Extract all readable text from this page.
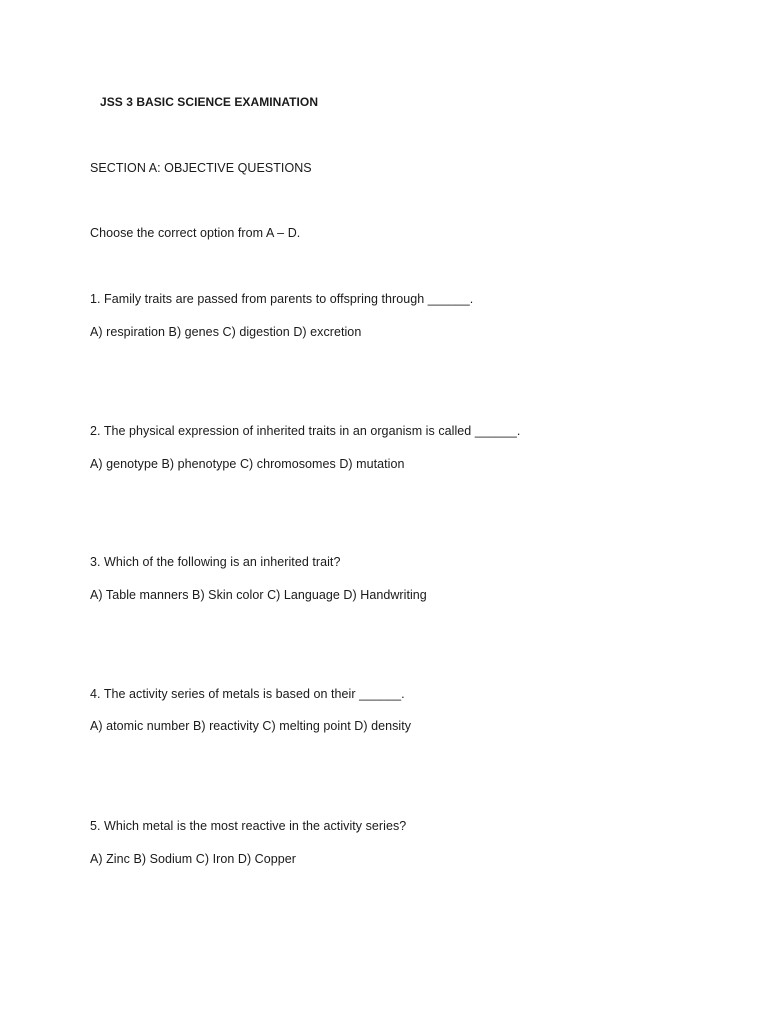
JSS 3 BASIC SCIENCE EXAMINATION
SECTION A: OBJECTIVE QUESTIONS
Choose the correct option from A – D.
1. Family traits are passed from parents to offspring through ______.
A) respiration B) genes C) digestion D) excretion
2. The physical expression of inherited traits in an organism is called ______.
A) genotype B) phenotype C) chromosomes D) mutation
3. Which of the following is an inherited trait?
A) Table manners B) Skin color C) Language D) Handwriting
4. The activity series of metals is based on their ______.
A) atomic number B) reactivity C) melting point D) density
5. Which metal is the most reactive in the activity series?
A) Zinc B) Sodium C) Iron D) Copper
